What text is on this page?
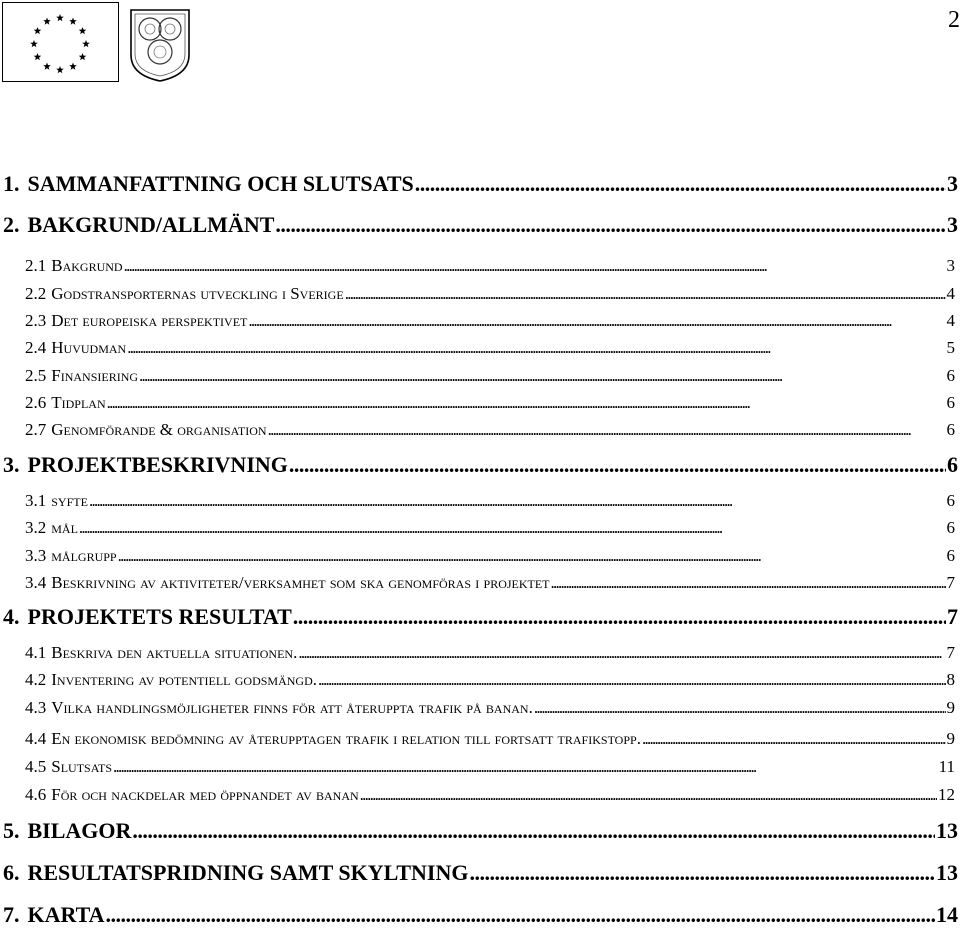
2
1. SAMMANFATTNING OCH SLUTSATS . . .	3
2. BAKGRUND/ALLMÄNT . . .	3
2.1 Bakgrund . . .	3
2.2 Godstransporternas utveckling i Sverige . . .	4
2.3 Det europeiska perspektivet . . .	4
2.4 Huvudman . . .	5
2.5 Finansiering . . .	6
2.6 Tidplan . . .	6
2.7 Genomförande & organisation . . .	6
3. PROJEKTBESKRIVNING . . .	6
3.1 syfte . . .	6
3.2 mål . . .	6
3.3 målgrupp . . .	6
3.4 Beskrivning av aktiviteter/verksamhet som ska genomföras i projektet . . .	7
4. PROJEKTETS RESULTAT . . .	7
4.1 Beskriva den aktuella situationen. . . .	7
4.2 Inventering av potentiell godsmängd. . . .	8
4.3 Vilka handlingsmöjligheter finns för att återuppta trafik på banan. . . .	9
4.4 En ekonomisk bedömning av återupptagen trafik i relation till fortsatt trafikstopp. . . .	9
4.5 Slutsats . . .	11
4.6 För och nackdelar med öppnandet av banan . . .	12
5. BILAGOR . . .	13
6. RESULTATSPRIDNING SAMT SKYLTNING . . .	13
7. KARTA . . .	14
